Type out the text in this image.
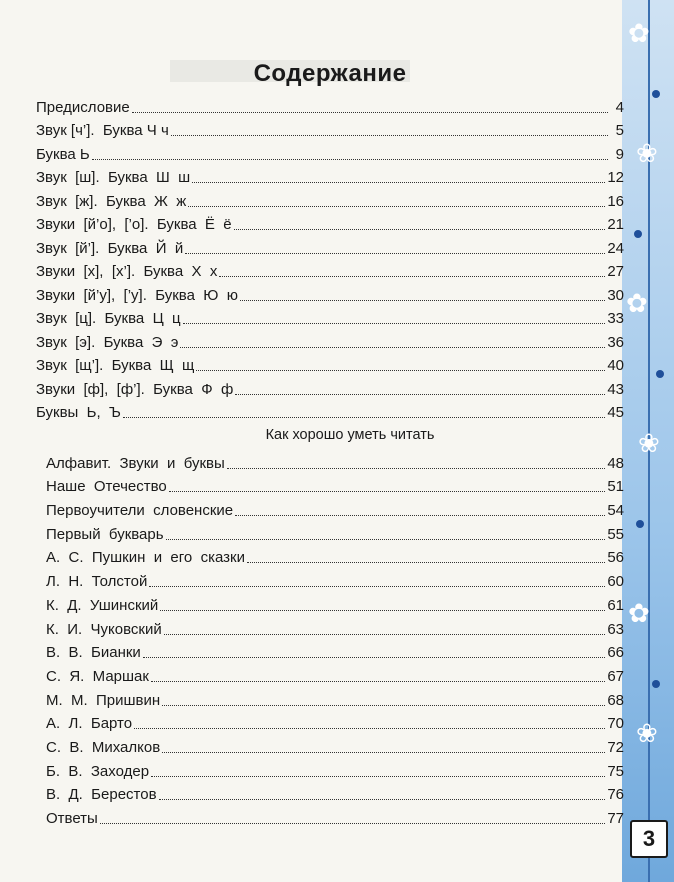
✿
❀
✿
❀
✿
❀
Содержание
Предисловие	4
Звук [ч’].  Буква Ч ч	5
Буква Ь	9
Звук  [ш].  Буква  Ш  ш	12
Звук  [ж].  Буква  Ж  ж	16
Звуки  [й’о],  [’о].  Буква  Ё  ё	21
Звук  [й’].  Буква  Й  й	24
Звуки  [х],  [х’].  Буква  Х  х	27
Звуки  [й’у],  [’у].  Буква  Ю  ю	30
Звук  [ц].  Буква  Ц  ц	33
Звук  [э].  Буква  Э  э	36
Звук  [щ’].  Буква  Щ  щ	40
Звуки  [ф],  [ф’].  Буква  Ф  ф	43
Буквы  Ь,  Ъ	45
Как хорошо уметь читать
Алфавит.  Звуки  и  буквы	48
Наше  Отечество	51
Первоучители  словенские	54
Первый  букварь	55
А.  С.  Пушкин  и  его  сказки	56
Л.  Н.  Толстой	60
К.  Д.  Ушинский	61
К.  И.  Чуковский	63
В.  В.  Бианки	66
С.  Я.  Маршак	67
М.  М.  Пришвин	68
А.  Л.  Барто	70
С.  В.  Михалков	72
Б.  В.  Заходер	75
В.  Д.  Берестов	76
Ответы	77
3
